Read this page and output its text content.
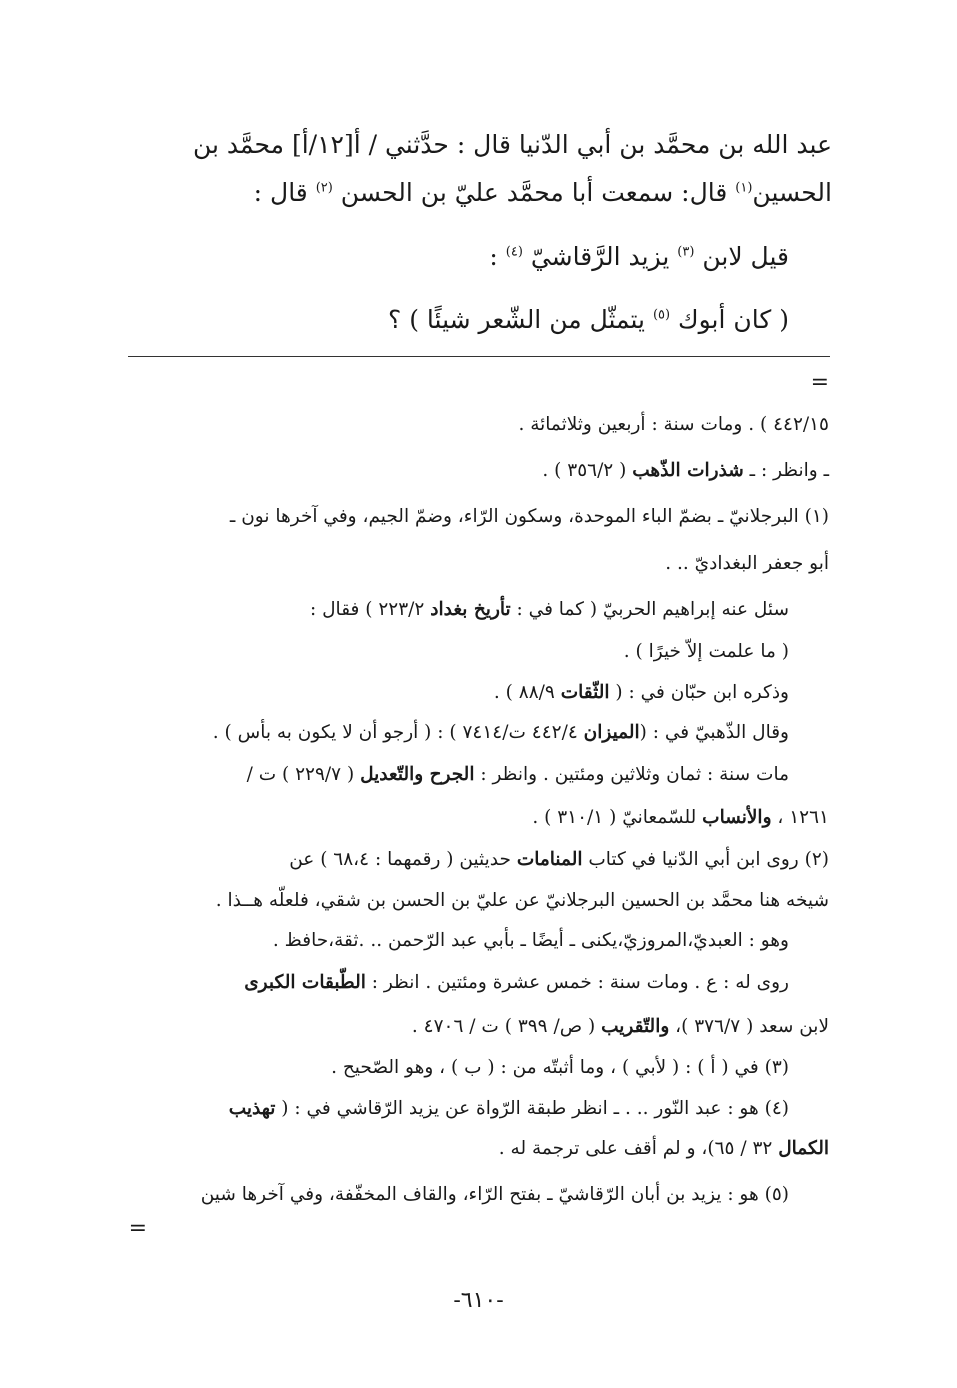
عبد الله بن محمَّد بن أبي الدّنيا قال : حدَّثني / أ[١٢/أ] محمَّد بن
الحسين$^{(١)}$ قال: سمعت أبا محمَّد عليّ بن الحسن $^{(٢)}$ قال :
قيل لابن $^{(٣)}$ يزيد الرَّقاشيّ $^{(٤)}$ :
( كان أبوك $^{(٥)}$ يتمثّل من الشّعر شيئًا ) ؟
=
٤٤٢/١٥ ) . ومات سنة : أربعين وثلاثمائة .
ـ وانظر : ـ شذرات الذّهب ( ٣٥٦/٢ ) .
(١) البرجلانيّ ـ بضمّ الباء الموحدة، وسكون الرّاء، وضمّ الجيم، وفي آخرها نون ـ
أبو جعفر البغداديّ .. .
سئل عنه إبراهيم الحربيّ ( كما في : تأريخ بغداد ٢٢٣/٢ ) فقال :
( ما علمت إلاّ خيرًا ) .
وذكره ابن حبّان في : ( الثّقات ٨٨/٩ ) .
وقال الذّهبيّ في : (الميزان ٤٤٢/٤ ت/٧٤١٤ ) : ( أرجو أن لا يكون به بأس ) .
مات سنة : ثمان وثلاثين ومئتين . وانظر : الجرح والتّعديل ( ٢٢٩/٧ ) ت /
١٢٦١ ، والأنساب للسّمعانيّ ( ٣١٠/١ ) .
(٢) روى ابن أبي الدّنيا في كتاب المنامات حديثين ( رقمهما : ٦٨،٤ ) عن
شيخه هنا محمَّد بن الحسين البرجلانيّ عن عليّ بن الحسن بن شقي، فلعلّه هــذا .
وهو : العبديّ،المروزيّ،يكنى ـ أيضًا ـ بأبي عبد الرّحمن .. .ثقة،حافظ .
روى له : ع . ومات سنة : خمس عشرة ومئتين . انظر : الطّبقات الكبرى
لابن سعد ( ٣٧٦/٧ )، والتّقريب ( ص/ ٣٩٩ ) ت / ٤٧٠٦ .
(٣) في ( أ ) : ( لأبي ) ، وما أثبتّه من : ( ب ) ، وهو الصّحيح .
(٤) هو : عبد النّور .. . ـ انظر طبقة الرّواة عن يزيد الرّقاشي في : ( تهذيب
الكمال ٣٢ / ٦٥)، و لم أقف على ترجمة له .
(٥) هو : يزيد بن أبان الرّقاشيّ ـ بفتح الرّاء، والقاف المخفّفة، وفي آخرها شين
=
-٦١٠-
